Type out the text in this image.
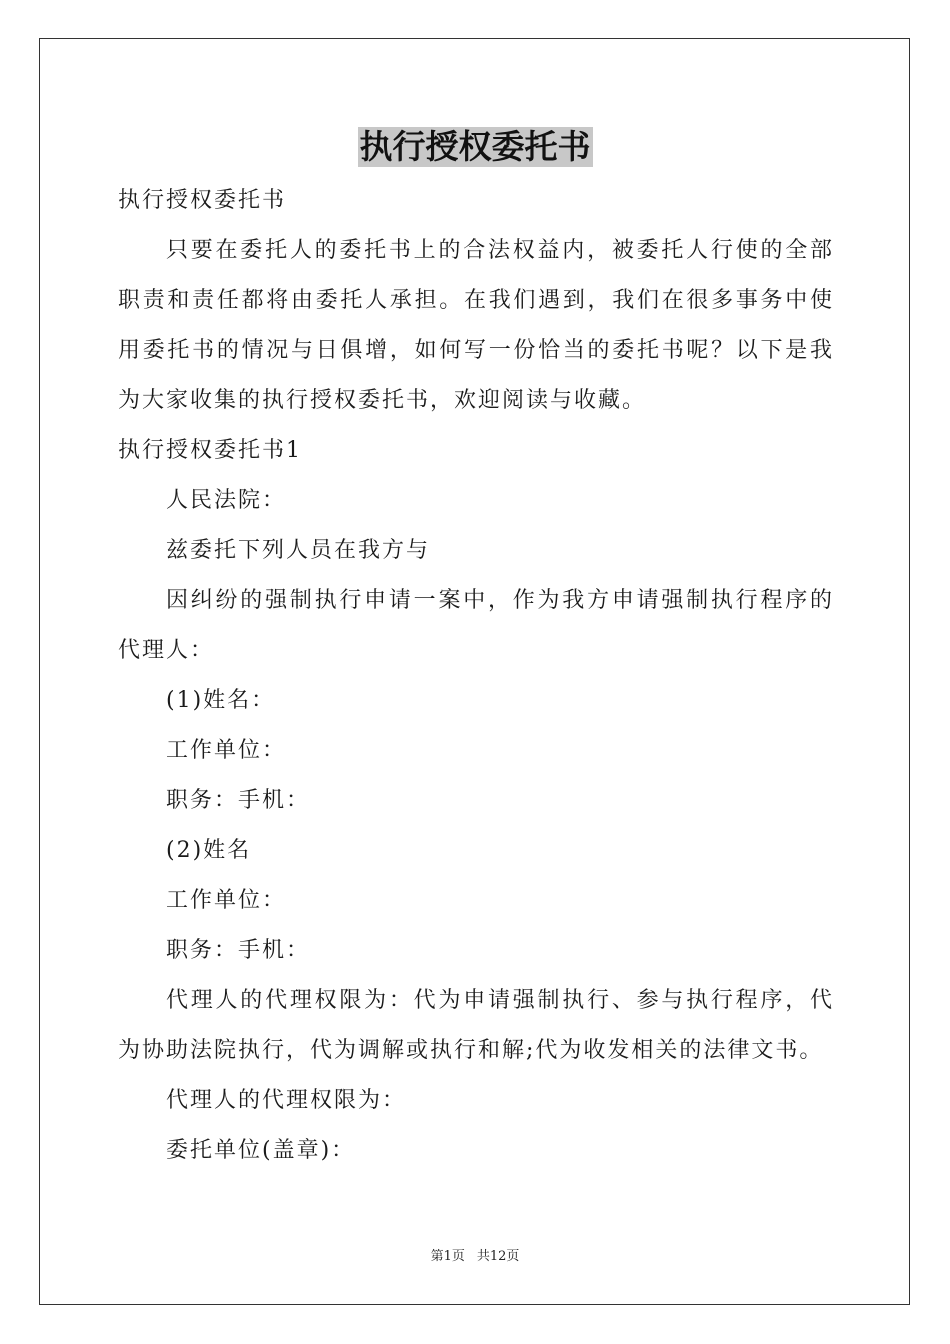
执行授权委托书

执行授权委托书

只要在委托人的委托书上的合法权益内，被委托人行使的全部职责和责任都将由委托人承担。在我们遇到，我们在很多事务中使用委托书的情况与日俱增，如何写一份恰当的委托书呢？以下是我为大家收集的执行授权委托书，欢迎阅读与收藏。

执行授权委托书1

人民法院：

兹委托下列人员在我方与

因纠纷的强制执行申请一案中，作为我方申请强制执行程序的代理人：

(1)姓名：

工作单位：

职务：手机：

(2)姓名

工作单位：

职务：手机：

代理人的代理权限为：代为申请强制执行、参与执行程序，代为协助法院执行，代为调解或执行和解;代为收发相关的法律文书。

代理人的代理权限为：

委托单位(盖章)：

第1页 共12页
